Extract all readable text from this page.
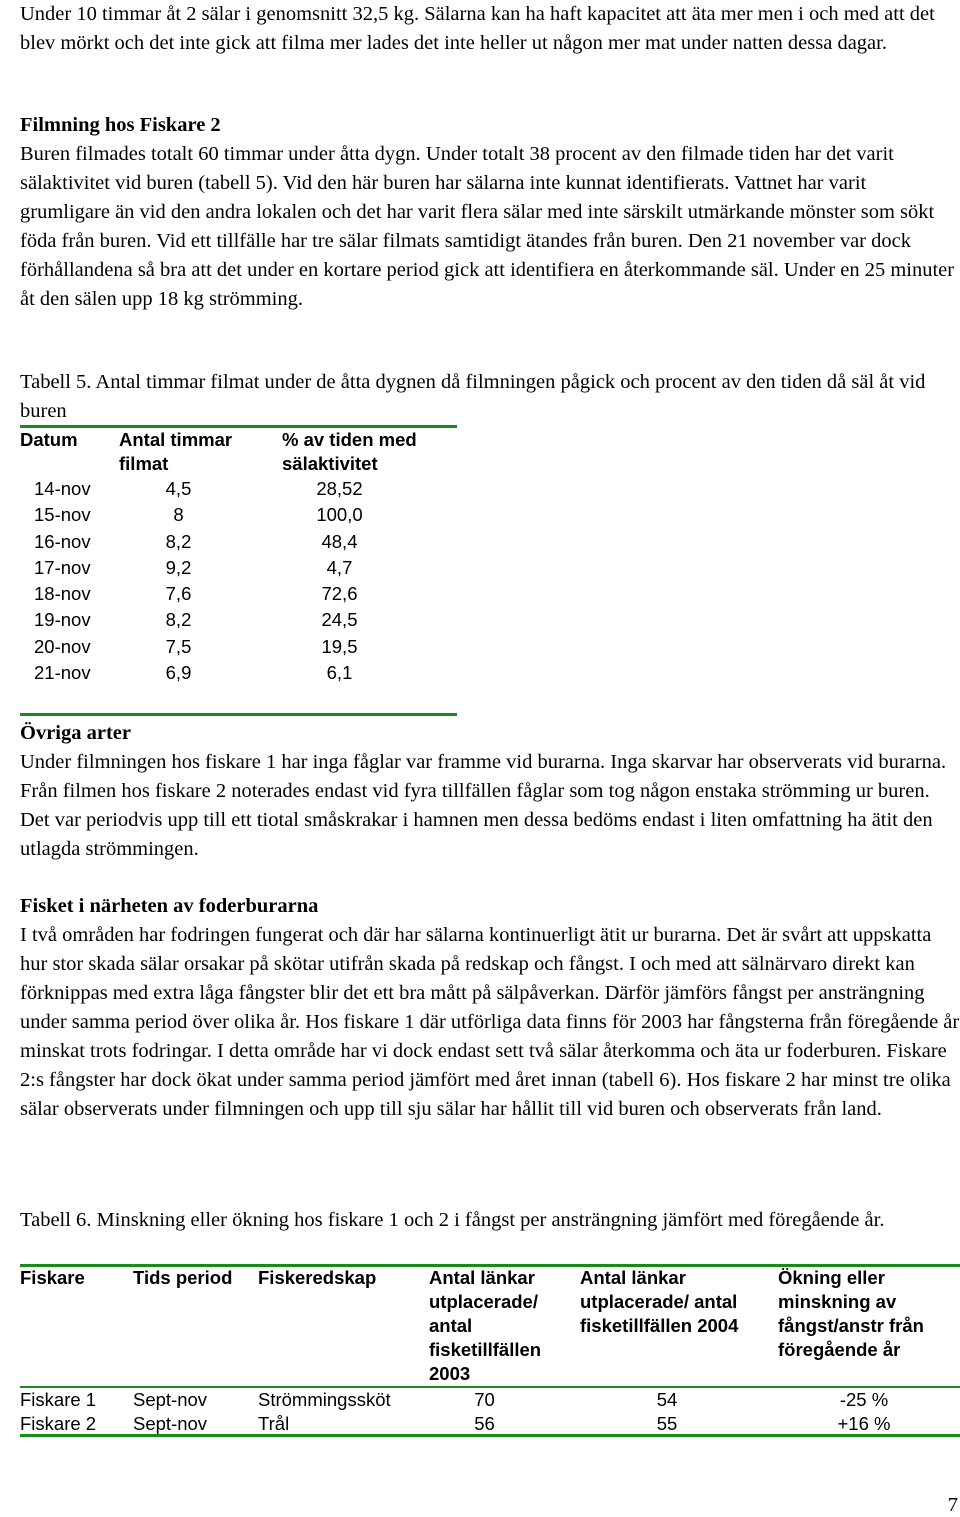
Under 10 timmar åt 2 sälar i genomsnitt 32,5 kg. Sälarna kan ha haft kapacitet att äta mer men i och med att det blev mörkt och det inte gick att filma mer lades det inte heller ut någon mer mat under natten dessa dagar.

Filmning hos Fiskare 2

Buren filmades totalt 60 timmar under åtta dygn. Under totalt 38 procent av den filmade tiden har det varit sälaktivitet vid buren (tabell 5). Vid den här buren har sälarna inte kunnat identifierats. Vattnet har varit grumligare än vid den andra lokalen och det har varit flera sälar med inte särskilt utmärkande mönster som sökt föda från buren. Vid ett tillfälle har tre sälar filmats samtidigt ätandes från buren. Den 21 november var dock förhållandena så bra att det under en kortare period gick att identifiera en återkommande säl. Under en 25 minuter åt den sälen upp 18 kg strömming.

Tabell 5. Antal timmar filmat under de åtta dygnen då filmningen pågick och procent av den tiden då säl åt vid buren

Datum	Antal timmar filmat	% av tiden med sälaktivitet
14-nov	4,5	28,52
15-nov	8	100,0
16-nov	8,2	48,4
17-nov	9,2	4,7
18-nov	7,6	72,6
19-nov	8,2	24,5
20-nov	7,5	19,5
21-nov	6,9	6,1

Övriga arter

Under filmningen hos fiskare 1 har inga fåglar var framme vid burarna. Inga skarvar har observerats vid burarna. Från filmen hos fiskare 2 noterades endast vid fyra tillfällen fåglar som tog någon enstaka strömming ur buren. Det var periodvis upp till ett tiotal småskrakar i hamnen men dessa bedöms endast i liten omfattning ha ätit den utlagda strömmingen.

Fisket i närheten av foderburarna

I två områden har fodringen fungerat och där har sälarna kontinuerligt ätit ur burarna. Det är svårt att uppskatta hur stor skada sälar orsakar på skötar utifrån skada på redskap och fångst. I och med att sälnärvaro direkt kan förknippas med extra låga fångster blir det ett bra mått på sälpåverkan. Därför jämförs fångst per ansträngning under samma period över olika år. Hos fiskare 1 där utförliga data finns för 2003 har fångsterna från föregående år minskat trots fodringar. I detta område har vi dock endast sett två sälar återkomma och äta ur foderburen. Fiskare 2:s fångster har dock ökat under samma period jämfört med året innan (tabell 6). Hos fiskare 2 har minst tre olika sälar observerats under filmningen och upp till sju sälar har hållit till vid buren och observerats från land.

Tabell 6. Minskning eller ökning hos fiskare 1 och 2 i fångst per ansträngning jämfört med föregående år.

Fiskare	Tids period	Fiskeredskap	Antal länkar utplacerade/ antal fisketillfällen 2003	Antal länkar utplacerade/ antal fisketillfällen 2004	Ökning eller minskning av fångst/anstr från föregående år
Fiskare 1	Sept-nov	Strömmingssköt	70	54	-25 %
Fiskare 2	Sept-nov	Trål	56	55	+16 %
7
